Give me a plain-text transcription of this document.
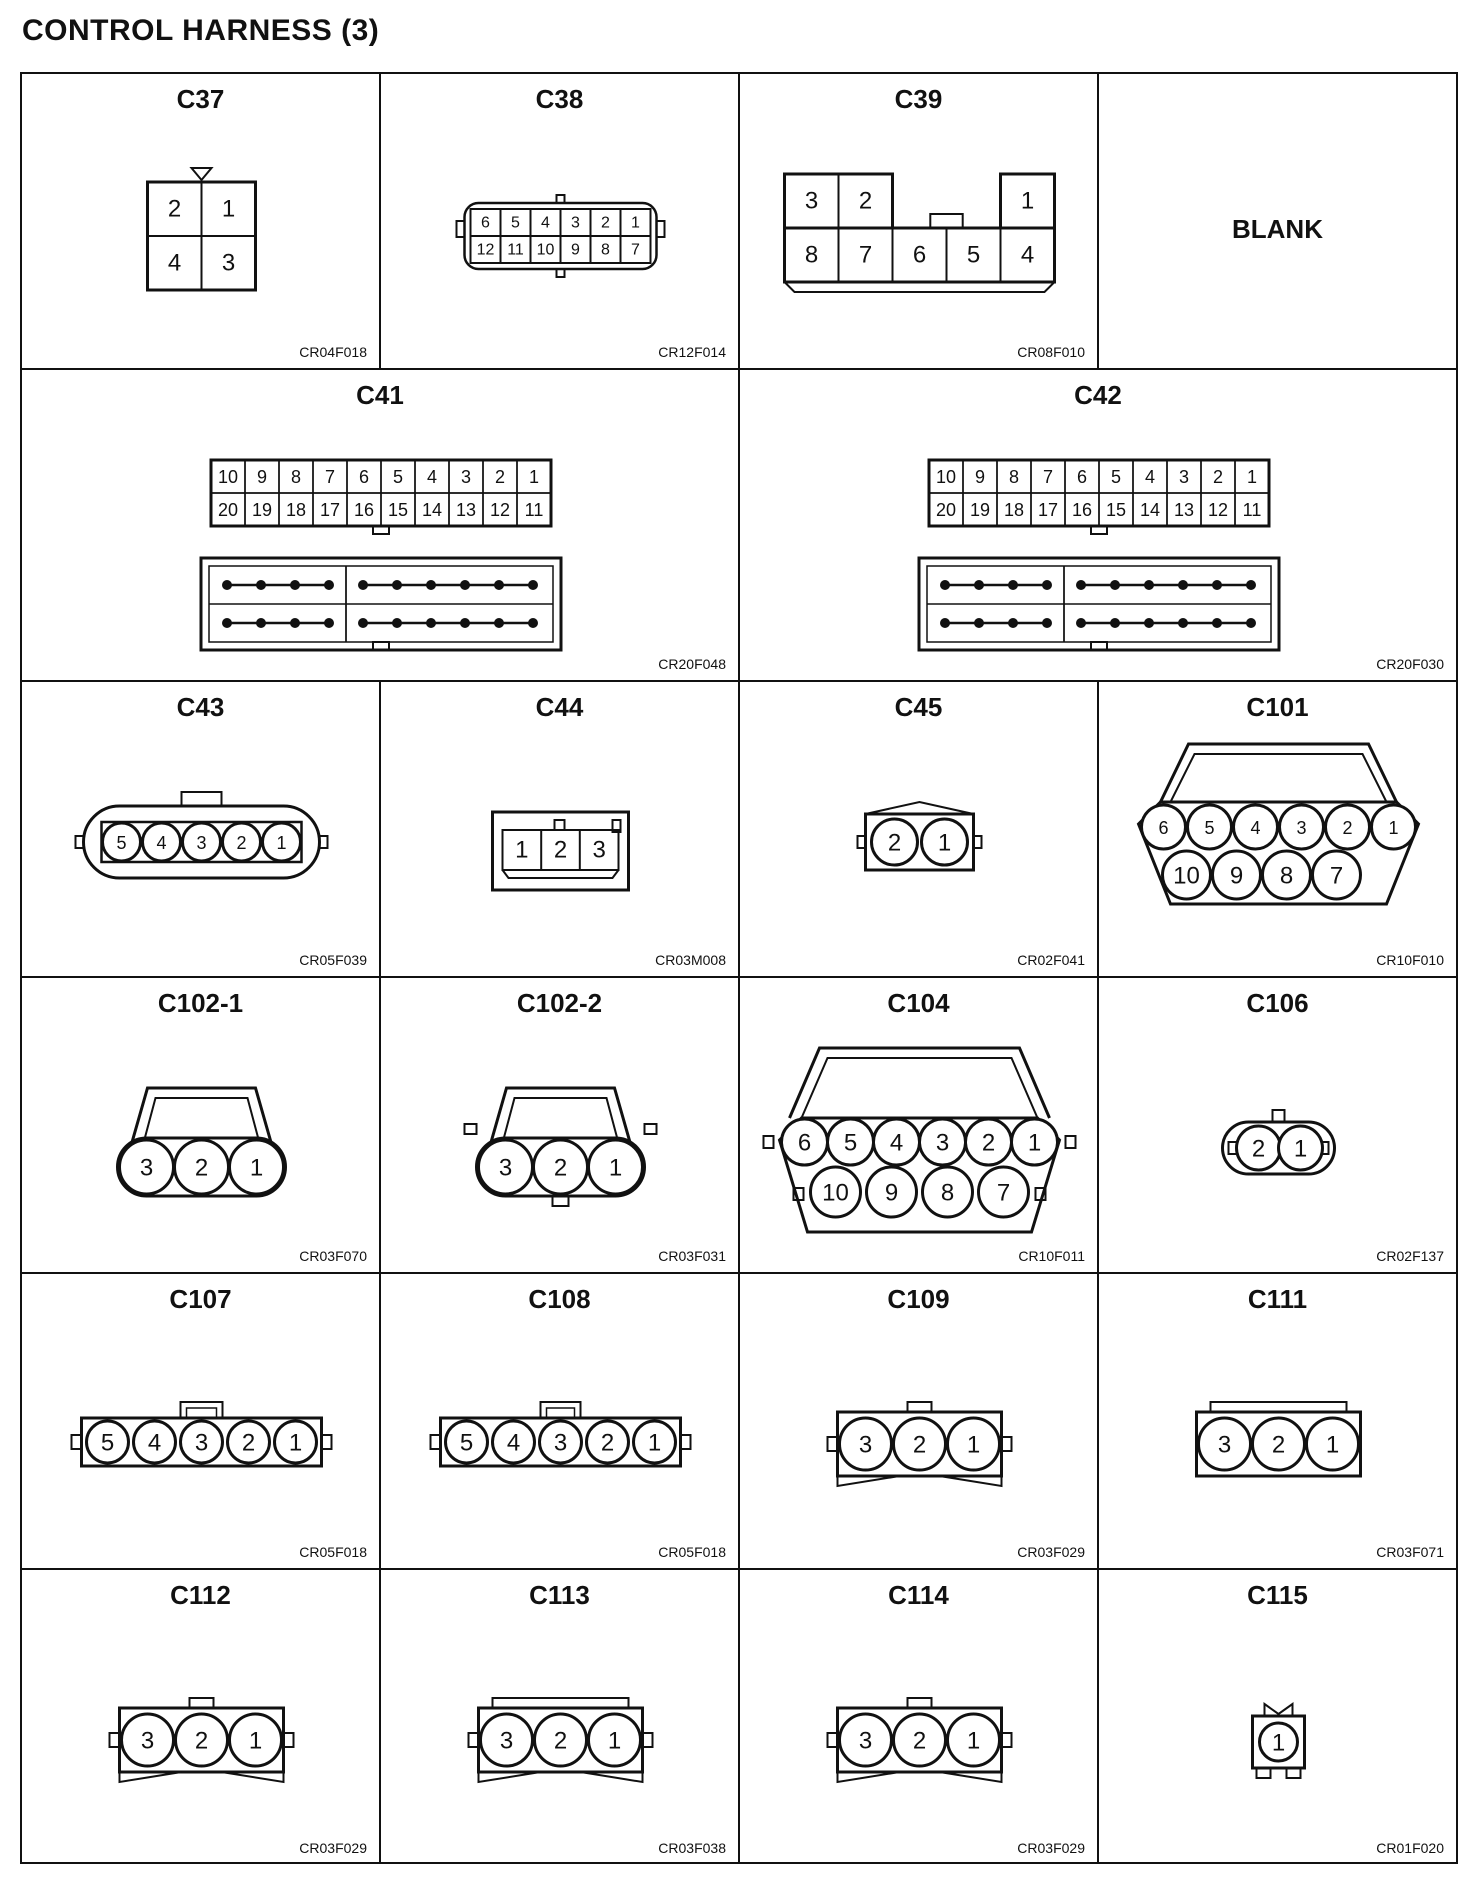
CONTROL HARNESS (3)
C37
CR04F018
2 1
4 3
C38
CR12F014
6 5 4 3 2 1
12 11 10 9 8 7
C39
CR08F010
3 2	1
8 7 6 5 4
BLANK
C41
CR20F048
10 9 8 7 6 5 4 3 2 1
20 19 18 17 16 15 14 13 12 11
C42
CR20F030
10 9 8 7 6 5 4 3 2 1
20 19 18 17 16 15 14 13 12 11
C43
CR05F039
5 4 3 2 1
C44
CR03M008
1 2 3
C45
CR02F041
2 1
C101
CR10F010
6 5 4 3 2 1
10 9 8 7
C102-1
CR03F070
3 2 1
C102-2
CR03F031
3 2 1
C104
CR10F011
6 5 4 3 2 1
10 9 8 7
C106
CR02F137
2 1
C107
CR05F018
5 4 3 2 1
C108
CR05F018
5 4 3 2 1
C109
CR03F029
3 2 1
C111
CR03F071
3 2 1
C112
CR03F029
3 2 1
C113
CR03F038
3 2 1
C114
CR03F029
3 2 1
C115
CR01F020
1
